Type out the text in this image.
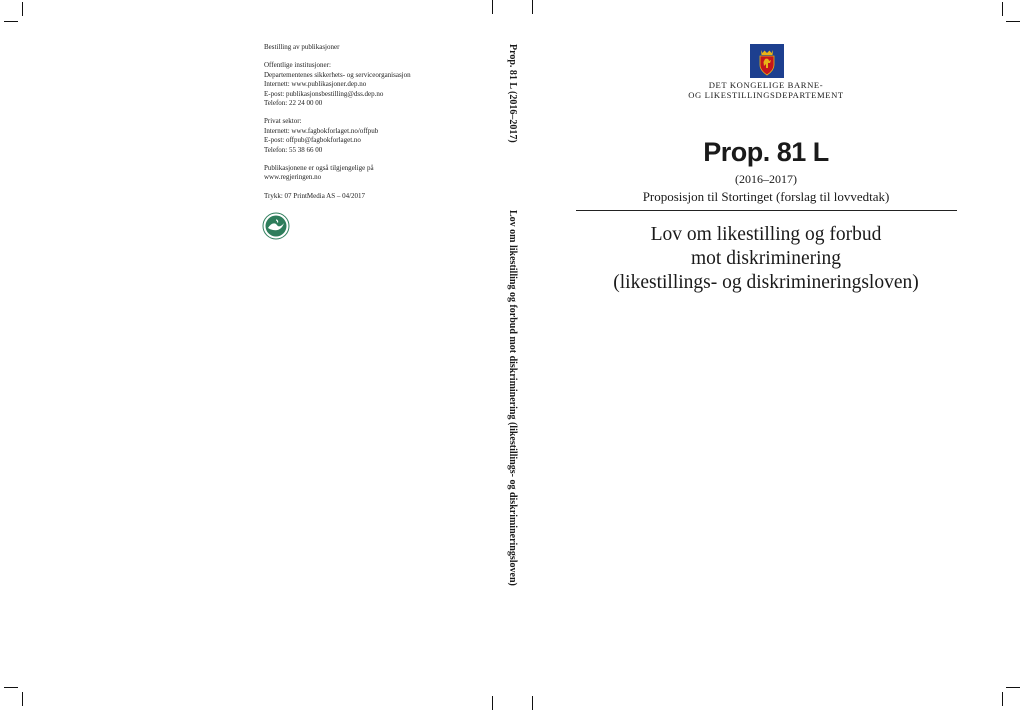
Bestilling av publikasjoner

Offentlige institusjoner:

Departementenes sikkerhets- og serviceorganisasjon

Internett: www.publikasjoner.dep.no

E-post: publikasjonsbestilling@dss.dep.no

Telefon: 22 24 00 00

Privat sektor:

Internett: www.fagbokforlaget.no/offpub

E-post: offpub@fagbokforlaget.no

Telefon: 55 38 66 00

Publikasjonene er også tilgjengelige på

www.regjeringen.no

Trykk: 07 PrintMedia AS – 04/2017

Prop. 81 L (2016–2017)
Lov om likestilling og forbud mot diskriminering (likestillings- og diskrimineringsloven)

DET KONGELIGE BARNE-

OG LIKESTILLINGSDEPARTEMENT

Prop. 81 L
(2016–2017)
Proposisjon til Stortinget (forslag til lovvedtak)

Lov om likestilling og forbud

mot diskriminering

(likestillings- og diskrimineringsloven)
